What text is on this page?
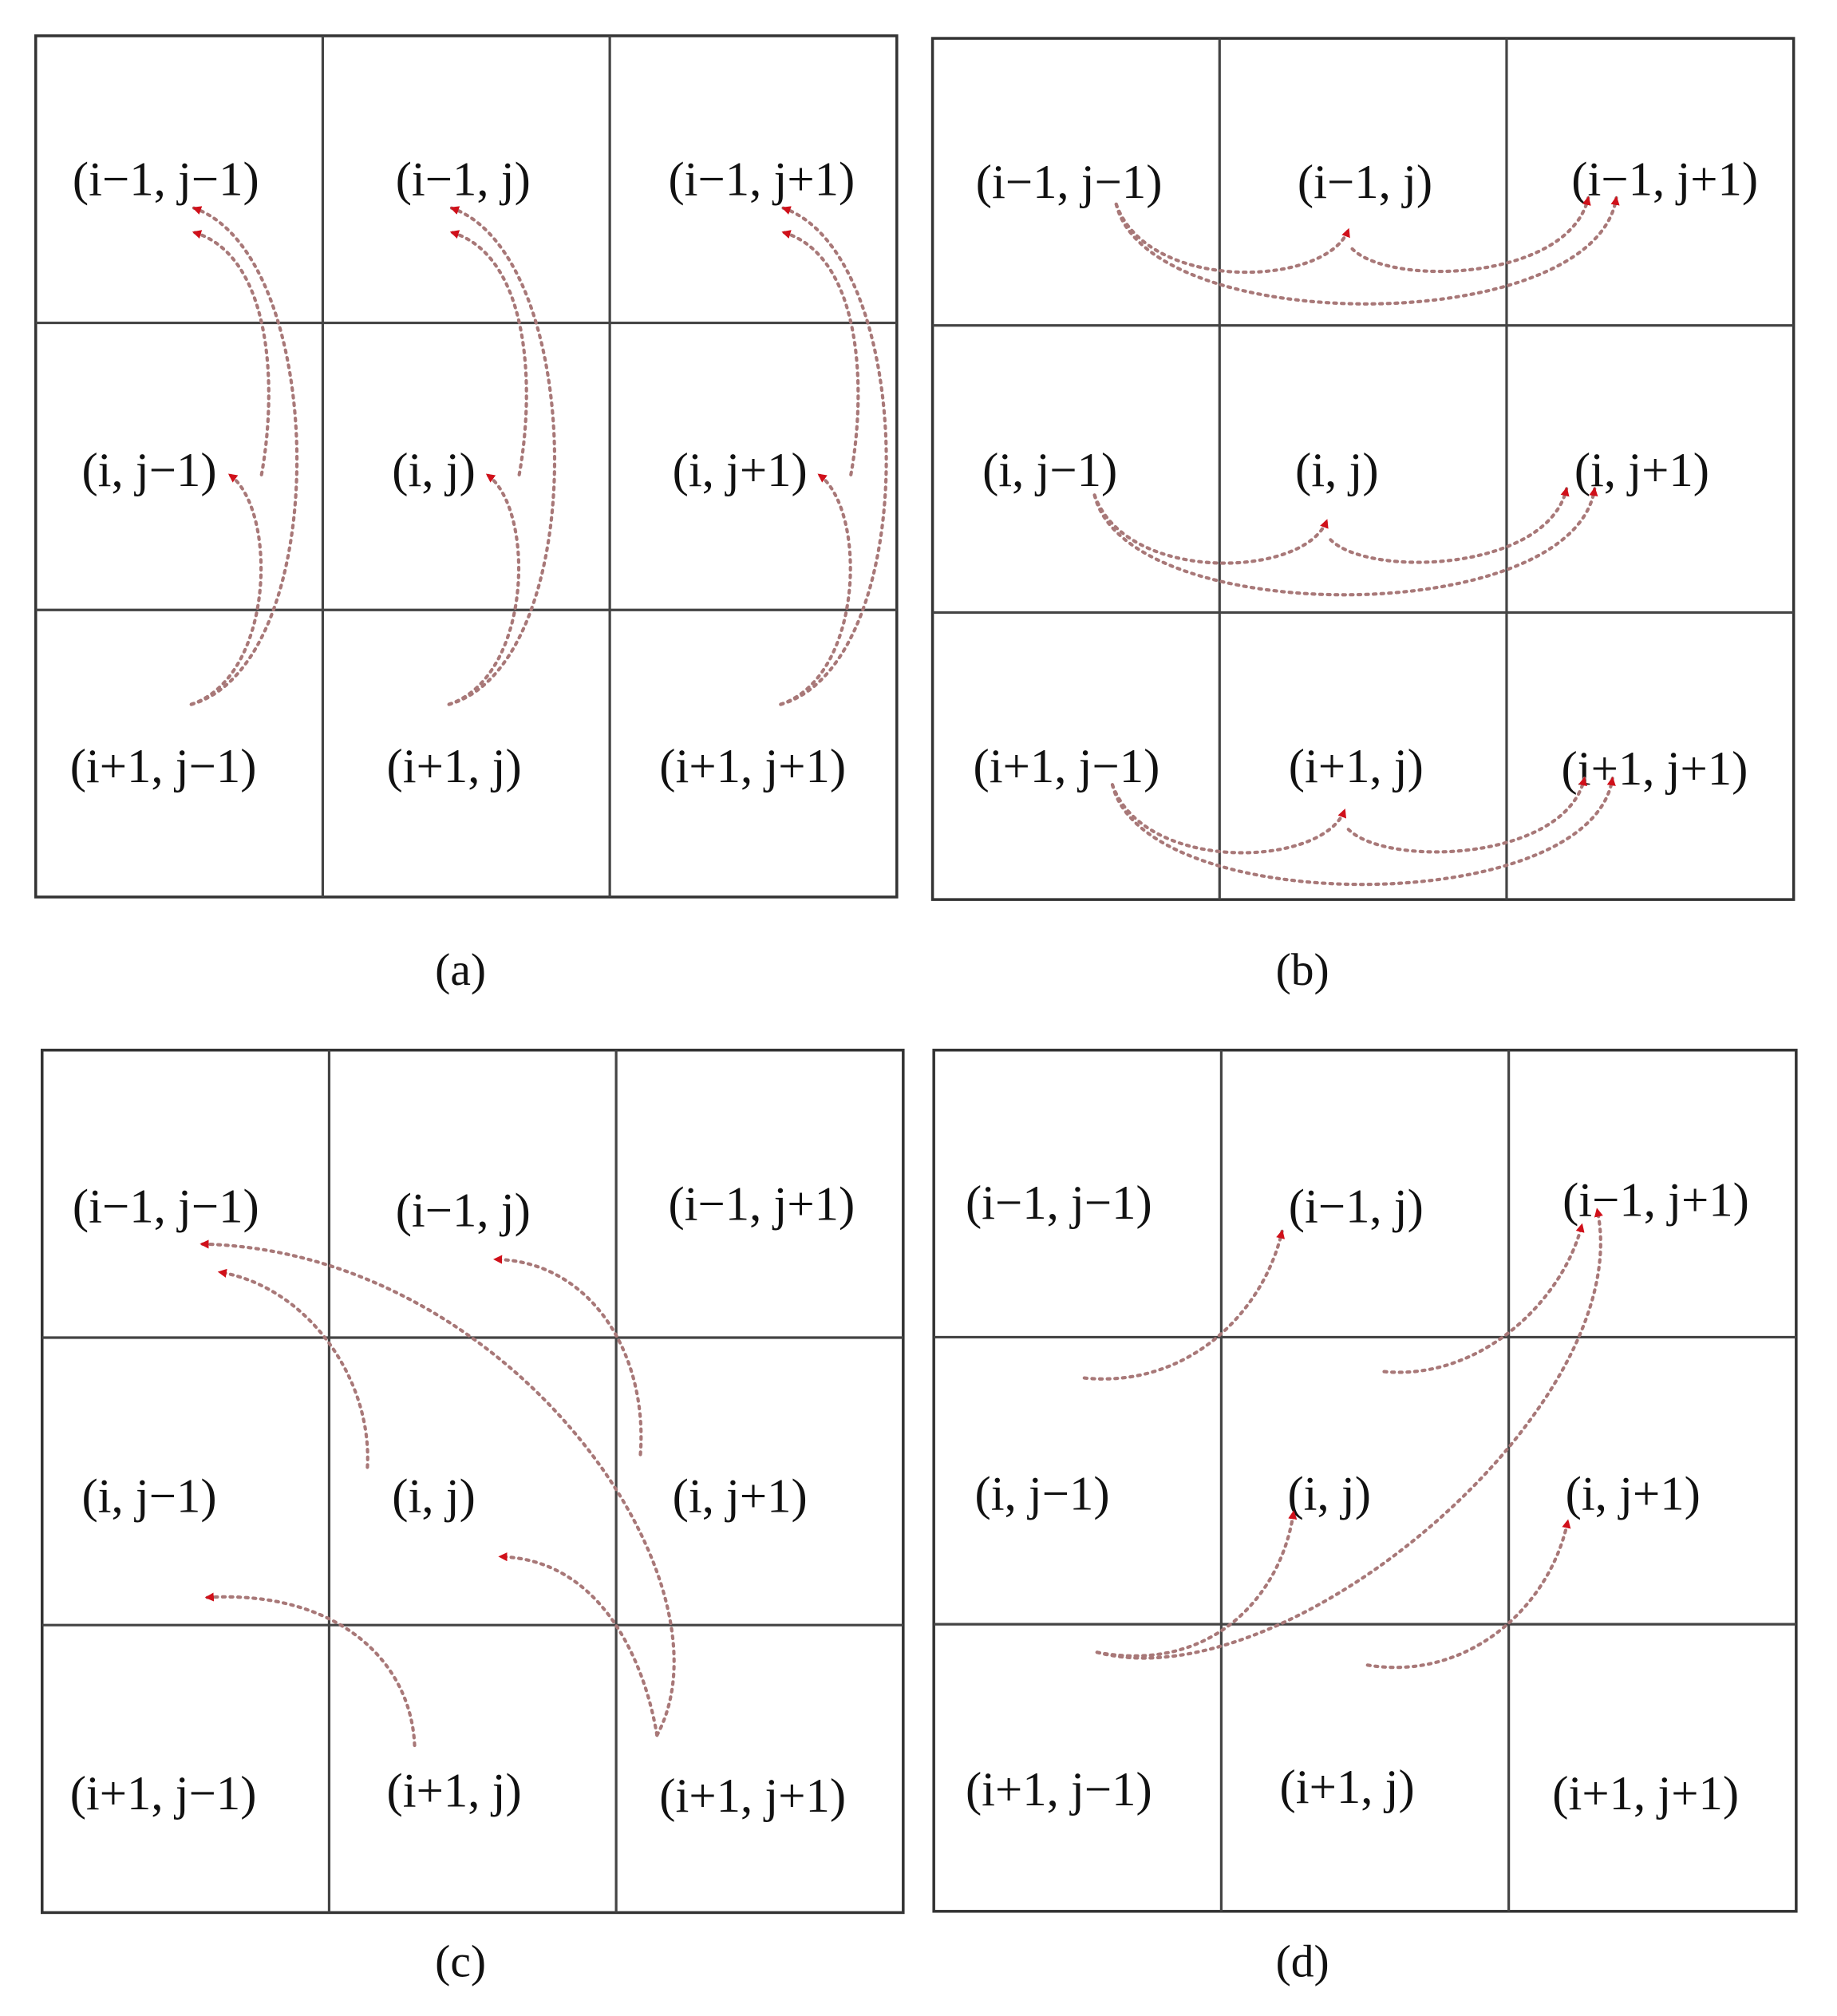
(i−1, j−1)	(i−1, j)	(i−1, j+1)
(i, j−1)	(i, j)	(i, j+1)
(i+1, j−1)	(i+1, j)	(i+1, j+1)
(a)
(i−1, j−1)	(i−1, j)	(i−1, j+1)
(i, j−1)	(i, j)	(i, j+1)
(i+1, j−1)	(i+1, j)	(i+1, j+1)
(b)
(i−1, j−1)	(i−1, j)	(i−1, j+1)
(i, j−1)	(i, j)	(i, j+1)
(i+1, j−1)	(i+1, j)	(i+1, j+1)
(c)
(i−1, j−1)	(i−1, j)	(i−1, j+1)
(i, j−1)	(i, j)	(i, j+1)
(i+1, j−1)	(i+1, j)	(i+1, j+1)
(d)
